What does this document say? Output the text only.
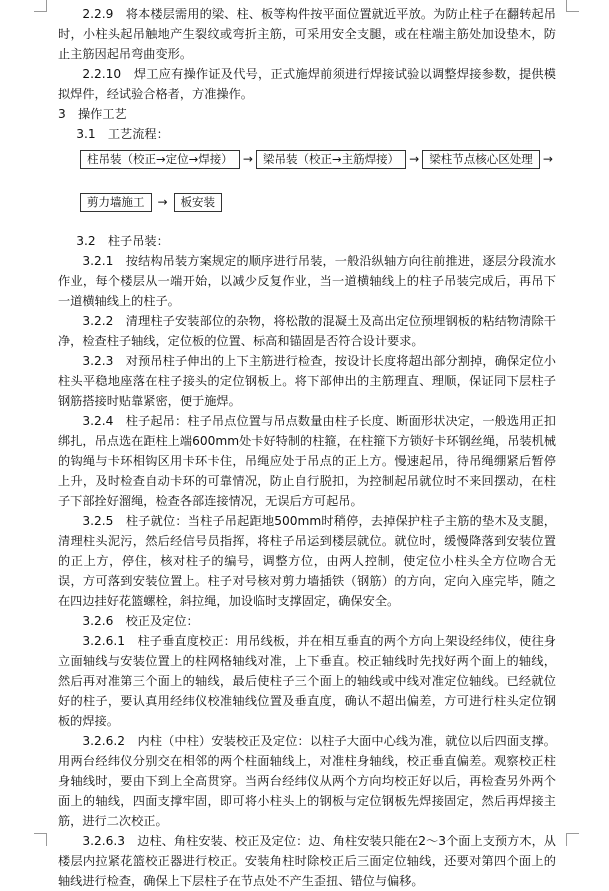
2.2.9　将本楼层需用的梁、柱、板等构件按平面位置就近平放。为防止柱子在翻转起吊时，小柱头起吊触地产生裂纹或弯折主筋，可采用安全支腿，或在柱端主筋处加设垫木，防止主筋因起吊弯曲变形。

2.2.10　焊工应有操作证及代号，正式施焊前须进行焊接试验以调整焊接参数，提供模拟焊件，经试验合格者，方准操作。

3　操作工艺

3.1　工艺流程：

柱吊装（校正→定位→焊接） → 梁吊装（校正→主筋焊接） → 梁柱节点核心区处理 →
剪力墙施工	→	板安装

3.2　柱子吊装：

3.2.1　按结构吊装方案规定的顺序进行吊装，一般沿纵轴方向往前推进，逐层分段流水作业，每个楼层从一端开始，以减少反复作业，当一道横轴线上的柱子吊装完成后，再吊下一道横轴线上的柱子。

3.2.2　清理柱子安装部位的杂物，将松散的混凝土及高出定位预埋钢板的粘结物清除干净，检查柱子轴线，定位板的位置、标高和锚固是否符合设计要求。

3.2.3　对预吊柱子伸出的上下主筋进行检查，按设计长度将超出部分割掉，确保定位小柱头平稳地座落在柱子接头的定位钢板上。将下部伸出的主筋理直、理顺，保证同下层柱子钢筋搭接时贴靠紧密，便于施焊。

3.2.4　柱子起吊：柱子吊点位置与吊点数量由柱子长度、断面形状决定，一般选用正扣绑扎，吊点选在距柱上端600mm处卡好特制的柱箍，在柱箍下方锁好卡环钢丝绳，吊装机械的钩绳与卡环相钩区用卡环卡住，吊绳应处于吊点的正上方。慢速起吊，待吊绳绷紧后暂停上升，及时检查自动卡环的可靠情况，防止自行脱扣，为控制起吊就位时不来回摆动，在柱子下部拴好溜绳，检查各部连接情况，无误后方可起吊。

3.2.5　柱子就位：当柱子吊起距地500mm时稍停，去掉保护柱子主筋的垫木及支腿，清理柱头泥污，然后经信号员指挥，将柱子吊运到楼层就位。就位时，缓慢降落到安装位置的正上方，停住，核对柱子的编号，调整方位，由两人控制，使定位小柱头全方位吻合无误，方可落到安装位置上。柱子对号核对剪力墙插铁（钢筋）的方向，定向入座完毕，随之在四边挂好花篮螺栓，斜拉绳，加设临时支撑固定，确保安全。

3.2.6　校正及定位：

3.2.6.1　柱子垂直度校正：用吊线板，并在相互垂直的两个方向上架设经纬仪，使往身立面轴线与安装位置上的柱网格轴线对准，上下垂直。校正轴线时先找好两个面上的轴线，然后再对准第三个面上的轴线，最后使柱子三个面上的轴线或中线对准定位轴线。已经就位好的柱子，要认真用经纬仪校准轴线位置及垂直度，确认不超出偏差，方可进行柱头定位钢板的焊接。

3.2.6.2　内柱（中柱）安装校正及定位：以柱子大面中心线为准，就位以后四面支撑。用两台经纬仪分别交在相邻的两个柱面轴线上，对准柱身轴线，校正垂直偏差。观察校正柱身轴线时，要由下到上全高贯穿。当两台经纬仪从两个方向均校正好以后，再检查另外两个面上的轴线，四面支撑牢固，即可将小柱头上的钢板与定位钢板先焊接固定，然后再焊接主筋，进行二次校正。

3.2.6.3　边柱、角柱安装、校正及定位：边、角柱安装只能在2～3个面上支预方木，从楼层内拉紧花篮校正器进行校正。安装角柱时除校正后三面定位轴线，还要对第四个面上的轴线进行检查，确保上下层柱子在节点处不产生歪扭、错位与偏移。
